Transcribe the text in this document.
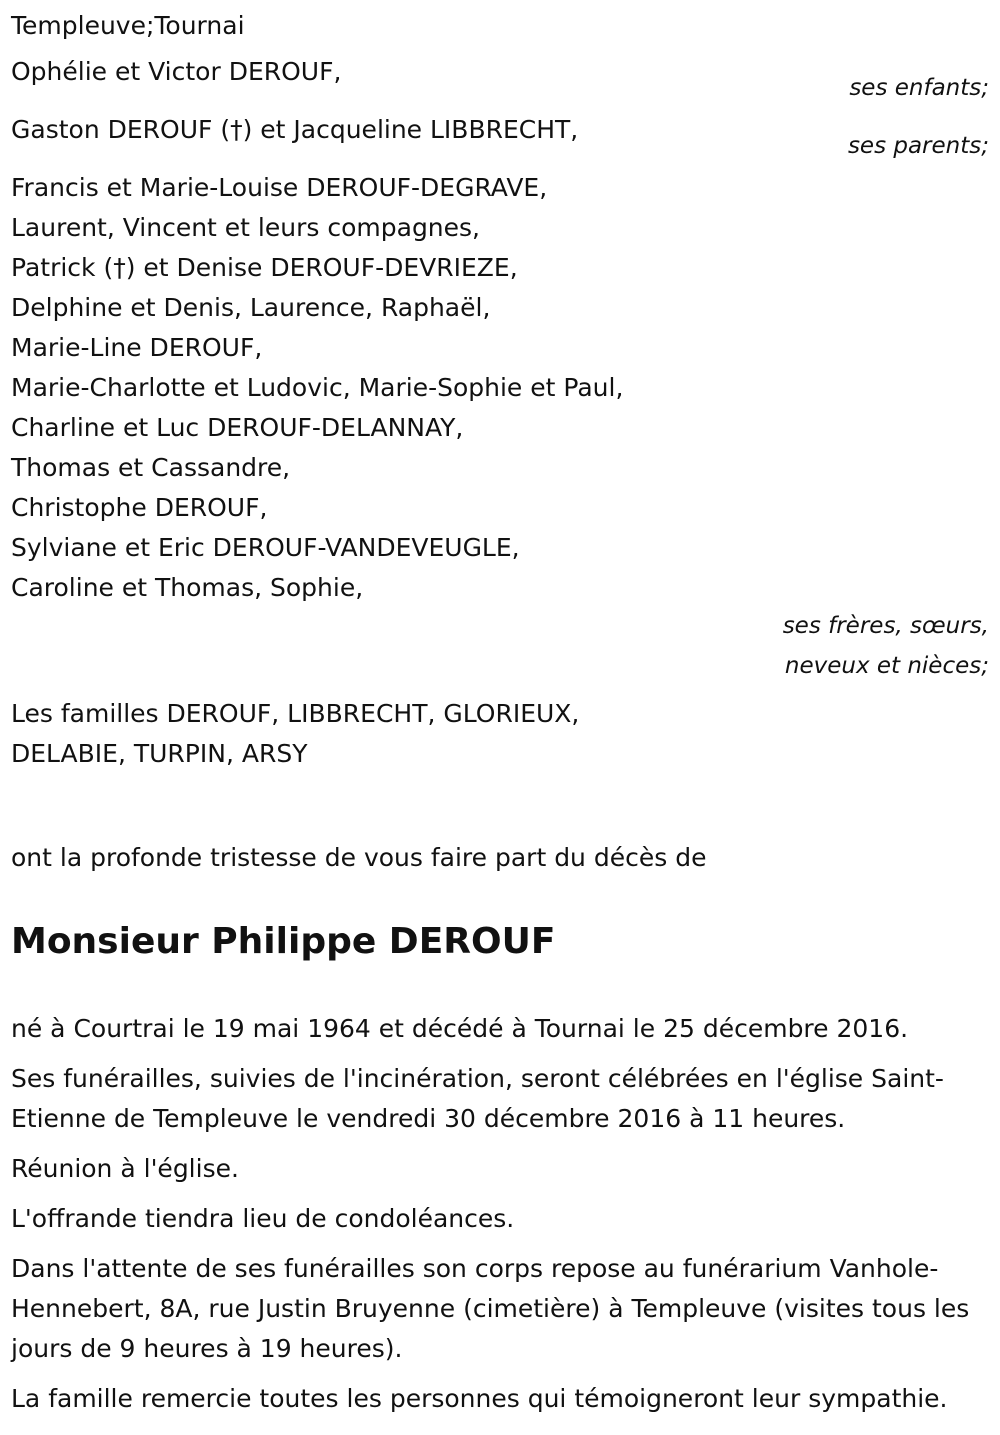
Templeuve;Tournai
Ophélie et Victor DEROUF,
ses enfants;
Gaston DEROUF (†) et Jacqueline LIBBRECHT,
ses parents;
Francis et Marie-Louise DEROUF-DEGRAVE,
Laurent, Vincent et leurs compagnes,
Patrick (†) et Denise DEROUF-DEVRIEZE,
Delphine et Denis, Laurence, Raphaël,
Marie-Line DEROUF,
Marie-Charlotte et Ludovic, Marie-Sophie et Paul,
Charline et Luc DEROUF-DELANNAY,
Thomas et Cassandre,
Christophe DEROUF,
Sylviane et Eric DEROUF-VANDEVEUGLE,
Caroline et Thomas, Sophie,
ses frères, sœurs,
neveux et nièces;
Les familles DEROUF, LIBBRECHT, GLORIEUX,
DELABIE, TURPIN, ARSY
ont la profonde tristesse de vous faire part du décès de
Monsieur Philippe DEROUF
né à Courtrai le 19 mai 1964 et décédé à Tournai le 25 décembre 2016.
Ses funérailles, suivies de l'incinération, seront célébrées en l'église Saint-Etienne de Templeuve le vendredi 30 décembre 2016 à 11 heures.
Réunion à l'église.
L'offrande tiendra lieu de condoléances.
Dans l'attente de ses funérailles son corps repose au funérarium Vanhole-Hennebert, 8A, rue Justin Bruyenne (cimetière) à Templeuve (visites tous les jours de 9 heures à 19 heures).
La famille remercie toutes les personnes qui témoigneront leur sympathie.
